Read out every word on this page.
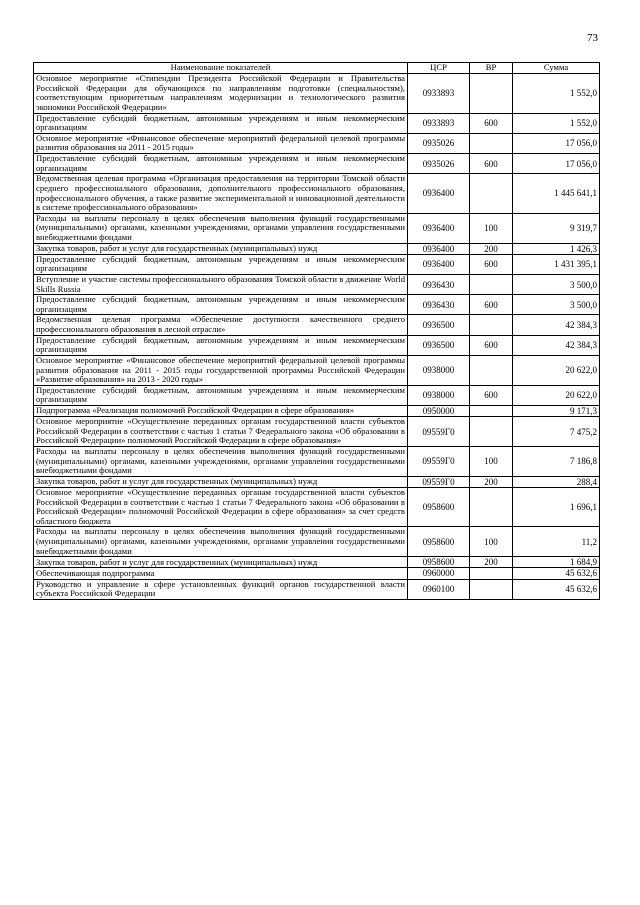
73
Наименование показателей	ЦСР	ВР	Сумма
Основное мероприятие «Стипендии Президента Российской Федерации и Правительства Российской Федерации для обучающихся по направлениям подготовки (специальностям), соответствующим приоритетным направлениям модернизации и технологического развития экономики Российской Федерации»	0933893		1 552,0
Предоставление субсидий бюджетным, автономным учреждениям и иным некоммерческим организациям	0933893	600	1 552,0
Основное мероприятие «Финансовое обеспечение мероприятий федеральной целевой программы развития образования на 2011 - 2015 годы»	0935026		17 056,0
Предоставление субсидий бюджетным, автономным учреждениям и иным некоммерческим организациям	0935026	600	17 056,0
Ведомственная целевая программа «Организация предоставления на территории Томской области среднего профессионального образования, дополнительного профессионального образования, профессионального обучения, а также развитие экспериментальной и инновационной деятельности в системе профессионального образования»	0936400		1 445 641,1
Расходы на выплаты персоналу в целях обеспечения выполнения функций государственными (муниципальными) органами, казенными учреждениями, органами управления государственными внебюджетными фондами	0936400	100	9 319,7
Закупка товаров, работ и услуг для государственных (муниципальных) нужд	0936400	200	1 426,3
Предоставление субсидий бюджетным, автономным учреждениям и иным некоммерческим организациям	0936400	600	1 431 395,1
Вступление и участие системы профессионального образования Томской области в движение World Skills Russia	0936430		3 500,0
Предоставление субсидий бюджетным, автономным учреждениям и иным некоммерческим организациям	0936430	600	3 500,0
Ведомственная целевая программа «Обеспечение доступности качественного среднего профессионального образования в лесной отрасли»	0936500		42 384,3
Предоставление субсидий бюджетным, автономным учреждениям и иным некоммерческим организациям	0936500	600	42 384,3
Основное мероприятие «Финансовое обеспечение мероприятий федеральной целевой программы развития образования на 2011 - 2015 годы государственной программы Российской Федерации «Развитие образования» на 2013 - 2020 годы»	0938000		20 622,0
Предоставление субсидий бюджетным, автономным учреждениям и иным некоммерческим организациям	0938000	600	20 622,0
Подпрограмма «Реализация полномочий Российской Федерации в сфере образования»	0950000		9 171,3
Основное мероприятие «Осуществление переданных органам государственной власти субъектов Российской Федерации в соответствии с частью 1 статьи 7 Федерального закона «Об образовании в Российской Федерации» полномочий Российской Федерации в сфере образования»	09559Г0		7 475,2
Расходы на выплаты персоналу в целях обеспечения выполнения функций государственными (муниципальными) органами, казенными учреждениями, органами управления государственными внебюджетными фондами	09559Г0	100	7 186,8
Закупка товаров, работ и услуг для государственных (муниципальных) нужд	09559Г0	200	288,4
Основное мероприятие «Осуществление переданных органам государственной власти субъектов Российской Федерации в соответствии с частью 1 статьи 7 Федерального закона «Об образовании в Российской Федерации» полномочий Российской Федерации в сфере образования» за счет средств областного бюджета	0958600		1 696,1
Расходы на выплаты персоналу в целях обеспечения выполнения функций государственными (муниципальными) органами, казенными учреждениями, органами управления государственными внебюджетными фондами	0958600	100	11,2
Закупка товаров, работ и услуг для государственных (муниципальных) нужд	0958600	200	1 684,9
Обеспечивающая подпрограмма	0960000		45 632,6
Руководство и управление в сфере установленных функций органов государственной власти субъекта Российской Федерации	0960100		45 632,6
